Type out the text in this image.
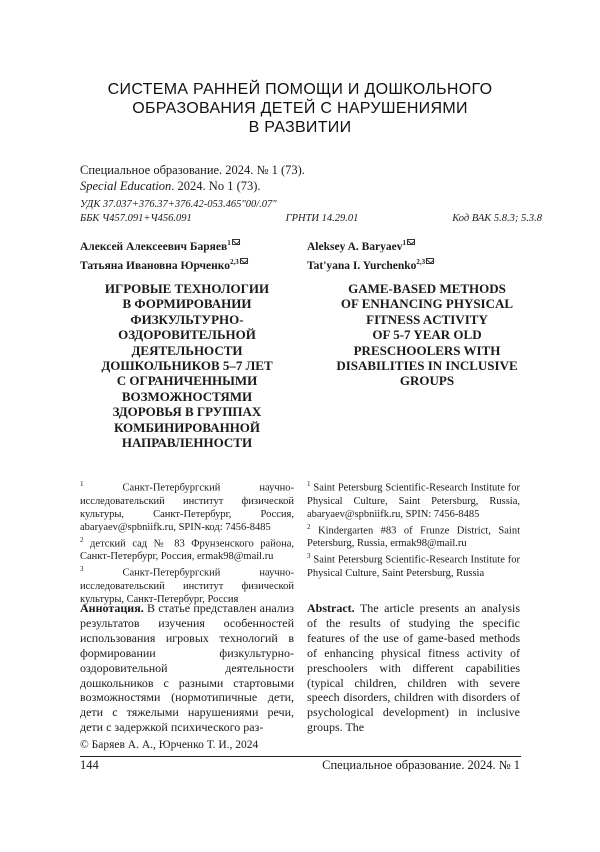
СИСТЕМА РАННЕЙ ПОМОЩИ И ДОШКОЛЬНОГО
ОБРАЗОВАНИЯ ДЕТЕЙ С НАРУШЕНИЯМИ
В РАЗВИТИИ
Специальное образование. 2024. № 1 (73).
Special Education. 2024. No 1 (73).
УДК 37.037+376.37+376.42-053.465"00/.07"
ББК Ч457.091+Ч456.091	ГРНТИ 14.29.01	Код ВАК 5.8.3; 5.3.8
Алексей Алексеевич Баряев$^1$
Татьяна Ивановна Юрченко$^{2,3}$
Aleksey A. Baryaev$^1$
Tat'yana I. Yurchenko$^{2,3}$
ИГРОВЫЕ ТЕХНОЛОГИИ
В ФОРМИРОВАНИИ
ФИЗКУЛЬТУРНО-
ОЗДОРОВИТЕЛЬНОЙ
ДЕЯТЕЛЬНОСТИ
ДОШКОЛЬНИКОВ 5–7 ЛЕТ
С ОГРАНИЧЕННЫМИ
ВОЗМОЖНОСТЯМИ
ЗДОРОВЬЯ В ГРУППАХ
КОМБИНИРОВАННОЙ
НАПРАВЛЕННОСТИ
GAME-BASED METHODS
OF ENHANCING PHYSICAL
FITNESS ACTIVITY
OF 5-7 YEAR OLD
PRESCHOOLERS WITH
DISABILITIES IN INCLUSIVE
GROUPS
$^1$ Санкт-Петербургский научно-исследовательский институт физической культуры, Санкт-Петербург, Россия, abaryaev@spbniifk.ru, SPIN-код: 7456-8485
$^2$ детский сад № 83 Фрунзенского района, Санкт-Петербург, Россия, ermak98@mail.ru
$^3$ Санкт-Петербургский научно-исследовательский институт физической культуры, Санкт-Петербург, Россия
$^1$ Saint Petersburg Scientific-Research Institute for Physical Culture, Saint Petersburg, Russia, abaryaev@spbniifk.ru, SPIN: 7456-8485
$^2$ Kindergarten #83 of Frunze District, Saint Petersburg, Russia, ermak98@mail.ru
$^3$ Saint Petersburg Scientific-Research Institute for Physical Culture, Saint Petersburg, Russia
Аннотация. В статье представлен анализ результатов изучения особенностей использования игровых технологий в формировании физкультурно-оздоровительной деятельности дошкольников с разными стартовыми возможностями (нормотипичные дети, дети с тяжелыми нарушениями речи, дети с задержкой психического раз-
Abstract. The article presents an analysis of the results of studying the specific features of the use of game-based methods of enhancing physical fitness activity of preschoolers with different capabilities (typical children, children with severe speech disorders, children with disorders of psychological development) in inclusive groups. The
© Баряев А. А., Юрченко Т. И., 2024
144	Специальное образование. 2024. № 1
